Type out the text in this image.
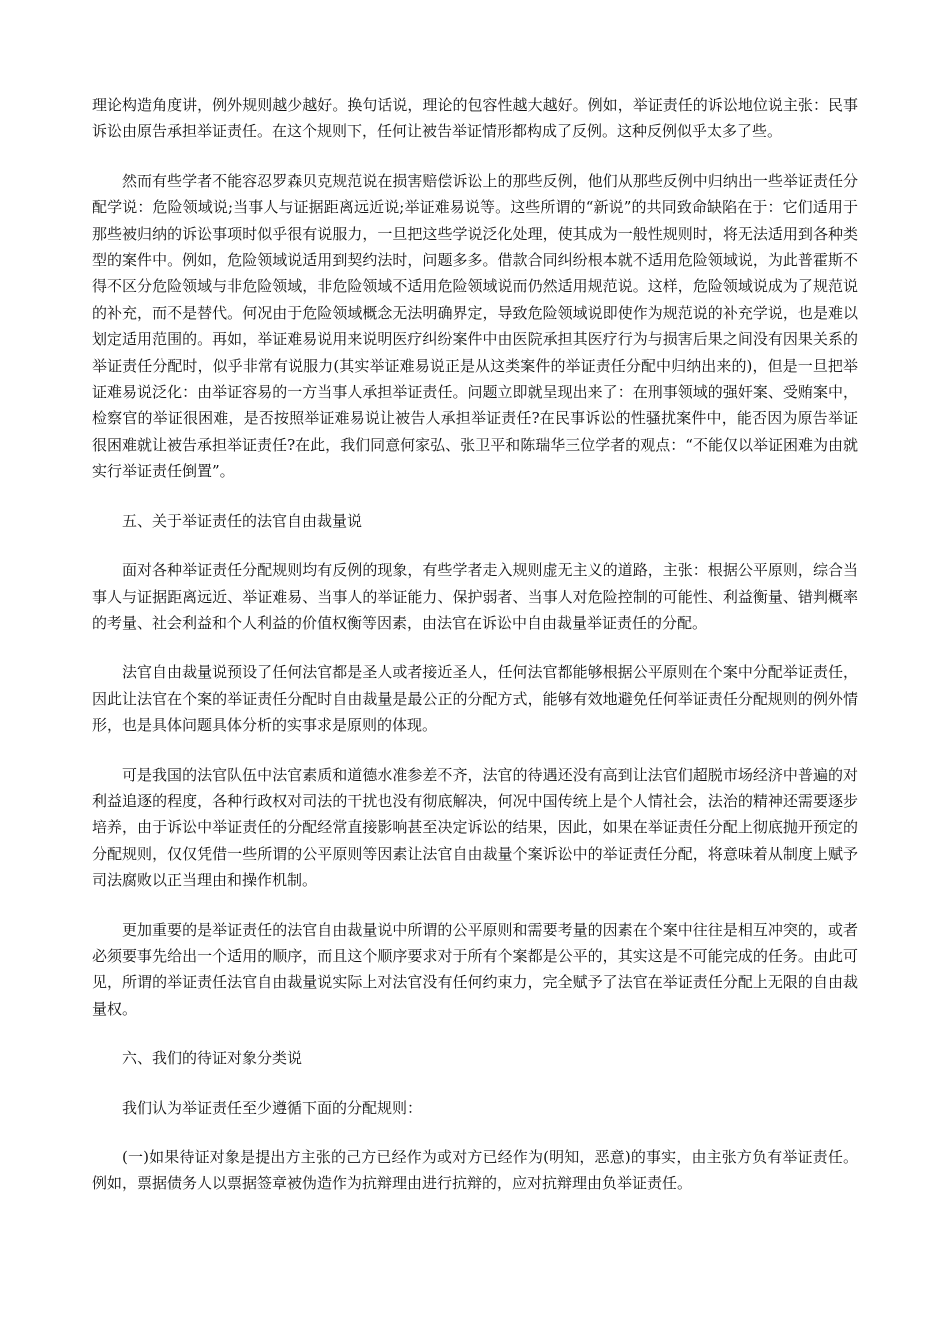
理论构造角度讲，例外规则越少越好。换句话说，理论的包容性越大越好。例如，举证责任的诉讼地位说主张：民事诉讼由原告承担举证责任。在这个规则下，任何让被告举证情形都构成了反例。这种反例似乎太多了些。

然而有些学者不能容忍罗森贝克规范说在损害赔偿诉讼上的那些反例，他们从那些反例中归纳出一些举证责任分配学说：危险领域说;当事人与证据距离远近说;举证难易说等。这些所谓的“新说”的共同致命缺陷在于：它们适用于那些被归纳的诉讼事项时似乎很有说服力，一旦把这些学说泛化处理，使其成为一般性规则时，将无法适用到各种类型的案件中。例如，危险领域说适用到契约法时，问题多多。借款合同纠纷根本就不适用危险领域说，为此普霍斯不得不区分危险领域与非危险领域，非危险领域不适用危险领域说而仍然适用规范说。这样，危险领域说成为了规范说的补充，而不是替代。何况由于危险领域概念无法明确界定，导致危险领域说即使作为规范说的补充学说，也是难以划定适用范围的。再如，举证难易说用来说明医疗纠纷案件中由医院承担其医疗行为与损害后果之间没有因果关系的举证责任分配时，似乎非常有说服力(其实举证难易说正是从这类案件的举证责任分配中归纳出来的)，但是一旦把举证难易说泛化：由举证容易的一方当事人承担举证责任。问题立即就呈现出来了：在刑事领域的强奸案、受贿案中，检察官的举证很困难，是否按照举证难易说让被告人承担举证责任?在民事诉讼的性骚扰案件中，能否因为原告举证很困难就让被告承担举证责任?在此，我们同意何家弘、张卫平和陈瑞华三位学者的观点：“不能仅以举证困难为由就实行举证责任倒置”。

五、关于举证责任的法官自由裁量说

面对各种举证责任分配规则均有反例的现象，有些学者走入规则虚无主义的道路，主张：根据公平原则，综合当事人与证据距离远近、举证难易、当事人的举证能力、保护弱者、当事人对危险控制的可能性、利益衡量、错判概率的考量、社会利益和个人利益的价值权衡等因素，由法官在诉讼中自由裁量举证责任的分配。

法官自由裁量说预设了任何法官都是圣人或者接近圣人，任何法官都能够根据公平原则在个案中分配举证责任，因此让法官在个案的举证责任分配时自由裁量是最公正的分配方式，能够有效地避免任何举证责任分配规则的例外情形，也是具体问题具体分析的实事求是原则的体现。

可是我国的法官队伍中法官素质和道德水准参差不齐，法官的待遇还没有高到让法官们超脱市场经济中普遍的对利益追逐的程度，各种行政权对司法的干扰也没有彻底解决，何况中国传统上是个人情社会，法治的精神还需要逐步培养，由于诉讼中举证责任的分配经常直接影响甚至决定诉讼的结果，因此，如果在举证责任分配上彻底抛开预定的分配规则，仅仅凭借一些所谓的公平原则等因素让法官自由裁量个案诉讼中的举证责任分配，将意味着从制度上赋予司法腐败以正当理由和操作机制。

更加重要的是举证责任的法官自由裁量说中所谓的公平原则和需要考量的因素在个案中往往是相互冲突的，或者必须要事先给出一个适用的顺序，而且这个顺序要求对于所有个案都是公平的，其实这是不可能完成的任务。由此可见，所谓的举证责任法官自由裁量说实际上对法官没有任何约束力，完全赋予了法官在举证责任分配上无限的自由裁量权。

六、我们的待证对象分类说

我们认为举证责任至少遵循下面的分配规则：

(一)如果待证对象是提出方主张的己方已经作为或对方已经作为(明知，恶意)的事实，由主张方负有举证责任。例如，票据债务人以票据签章被伪造作为抗辩理由进行抗辩的，应对抗辩理由负举证责任。
